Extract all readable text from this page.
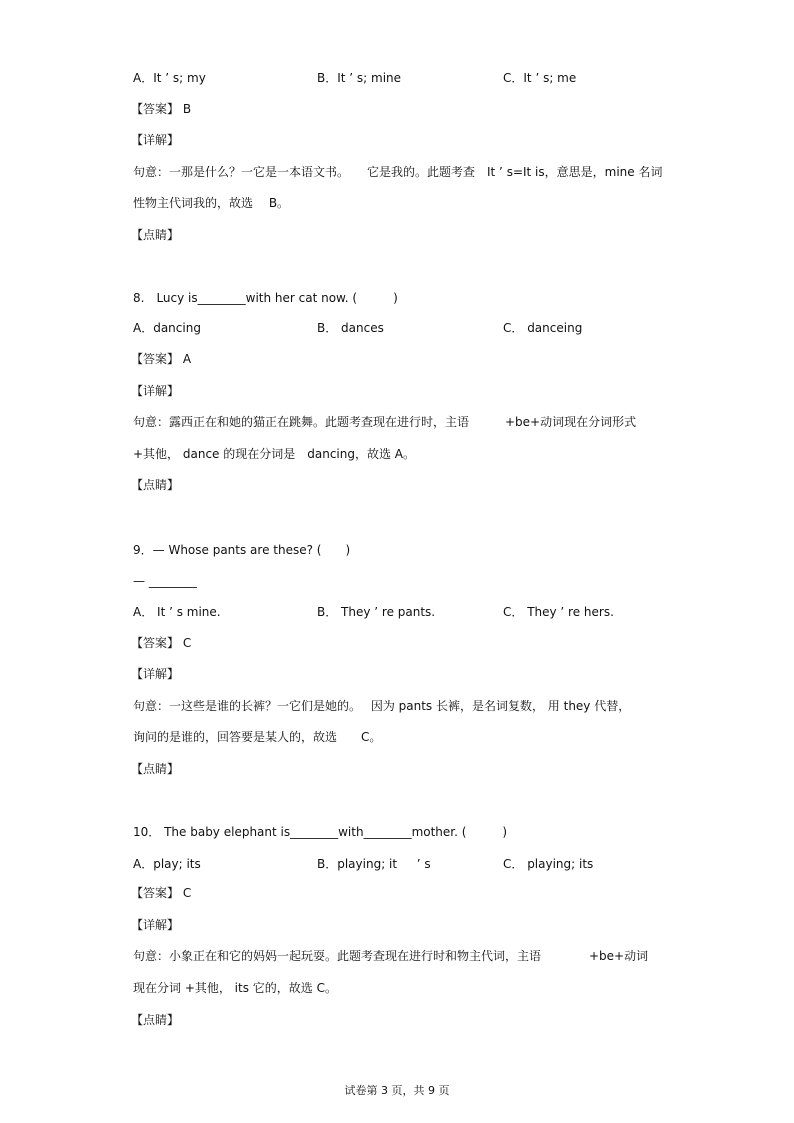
A．It ’ s; my	B．It ’ s; mine	C．It ’ s; me
【答案】 B
【详解】
句意：一那是什么？一它是一本语文书。　　它是我的。此题考查　It ’ s=It is，意思是，mine 名词
性物主代词我的，故选　 B。
【点睛】
8.　Lucy is________with her cat now. (　　　)
A．dancing	B． dances	C． danceing
【答案】 A
【详解】
句意：露西正在和她的猫正在跳舞。此题考查现在进行时，主语　　　+be+动词现在分词形式
+其他， dance 的现在分词是　dancing，故选 A。
【点睛】
9．— Whose pants are these? (　　)
— ________
A． It ’ s mine.	B． They ’ re pants.	C． They ’ re hers.
【答案】 C
【详解】
句意：一这些是谁的长裤？一它们是她的。　 因为 pants 长裤，是名词复数， 用 they 代替，
询问的是谁的，回答要是某人的，故选　　C。
【点睛】
10． The baby elephant is________with________mother. (　　　)
A．play; its	B．playing; it 　 ’ s	C． playing; its
【答案】 C
【详解】
句意：小象正在和它的妈妈一起玩耍。此题考查现在进行时和物主代词，主语　　　　+be+动词
现在分词 +其他， its 它的，故选 C。
【点睛】
试卷第 3 页，共 9 页
